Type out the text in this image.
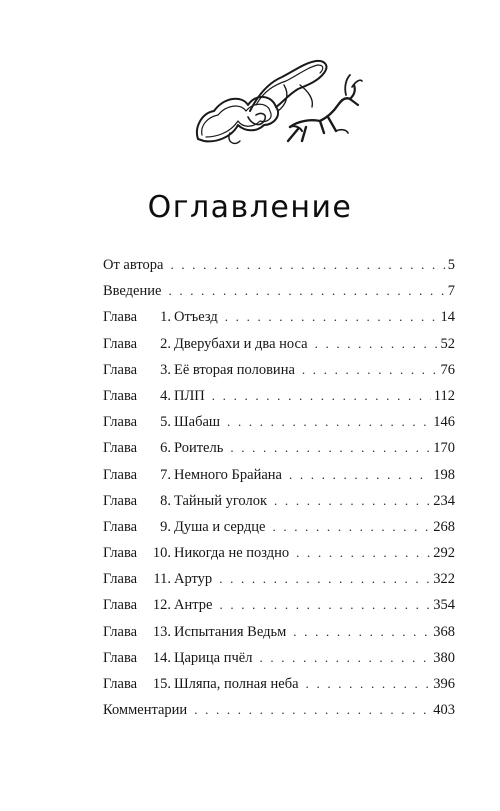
Оглавление
От автора . . .	5
Введение . . .	7
Глава	1. Отъезд . . .	14
Глава	2. Дверубахи и два носа . . .	52
Глава	3. Её вторая половина . . .	76
Глава	4. ПЛП . . .	112
Глава	5. Шабаш . . .	146
Глава	6. Роитель . . .	170
Глава	7. Немного Брайана . . .	198
Глава	8. Тайный уголок . . .	234
Глава	9. Душа и сердце . . .	268
Глава	10. Никогда не поздно . . .	292
Глава	11. Артур . . .	322
Глава	12. Антре . . .	354
Глава	13. Испытания Ведьм . . .	368
Глава	14. Царица пчёл . . .	380
Глава	15. Шляпа, полная неба . . .	396
Комментарии . . .	403
